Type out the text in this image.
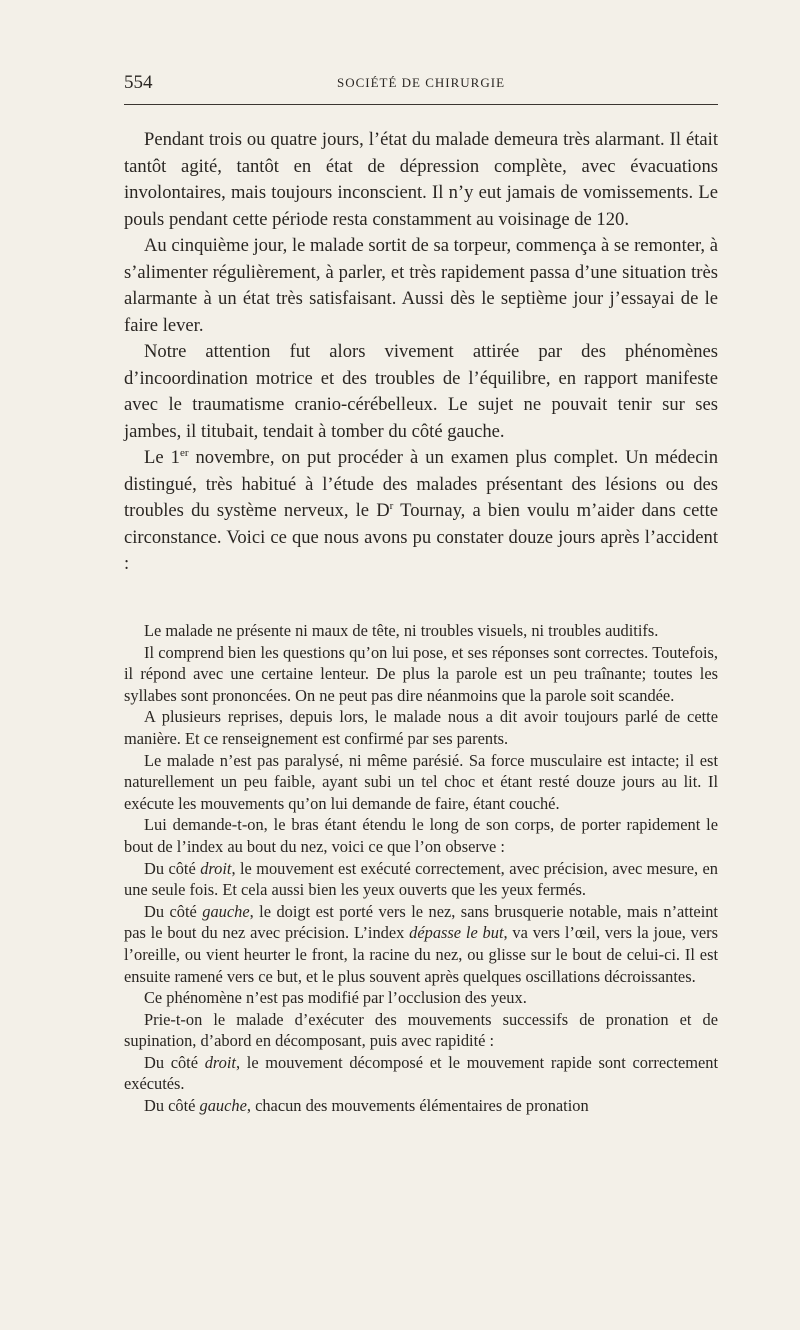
554	SOCIÉTÉ DE CHIRURGIE

Pendant trois ou quatre jours, l’état du malade demeura très alarmant. Il était tantôt agité, tantôt en état de dépression complète, avec évacuations involontaires, mais toujours inconscient. Il n’y eut jamais de vomissements. Le pouls pendant cette période resta constamment au voisinage de 120.

Au cinquième jour, le malade sortit de sa torpeur, commença à se remonter, à s’alimenter régulièrement, à parler, et très rapidement passa d’une situation très alarmante à un état très satisfaisant. Aussi dès le septième jour j’essayai de le faire lever.

Notre attention fut alors vivement attirée par des phénomènes d’incoordination motrice et des troubles de l’équilibre, en rapport manifeste avec le traumatisme cranio-cérébelleux. Le sujet ne pouvait tenir sur ses jambes, il titubait, tendait à tomber du côté gauche.

Le 1er novembre, on put procéder à un examen plus complet. Un médecin distingué, très habitué à l’étude des malades présentant des lésions ou des troubles du système nerveux, le $D^r$ Tournay, a bien voulu m’aider dans cette circonstance. Voici ce que nous avons pu constater douze jours après l’accident :

Le malade ne présente ni maux de tête, ni troubles visuels, ni troubles auditifs.

Il comprend bien les questions qu’on lui pose, et ses réponses sont correctes. Toutefois, il répond avec une certaine lenteur. De plus la parole est un peu traînante; toutes les syllabes sont prononcées. On ne peut pas dire néanmoins que la parole soit scandée.

A plusieurs reprises, depuis lors, le malade nous a dit avoir toujours parlé de cette manière. Et ce renseignement est confirmé par ses parents.

Le malade n’est pas paralysé, ni même parésié. Sa force musculaire est intacte; il est naturellement un peu faible, ayant subi un tel choc et étant resté douze jours au lit. Il exécute les mouvements qu’on lui demande de faire, étant couché.

Lui demande-t-on, le bras étant étendu le long de son corps, de porter rapidement le bout de l’index au bout du nez, voici ce que l’on observe :

Du côté droit, le mouvement est exécuté correctement, avec précision, avec mesure, en une seule fois. Et cela aussi bien les yeux ouverts que les yeux fermés.

Du côté gauche, le doigt est porté vers le nez, sans brusquerie notable, mais n’atteint pas le bout du nez avec précision. L’index dépasse le but, va vers l’œil, vers la joue, vers l’oreille, ou vient heurter le front, la racine du nez, ou glisse sur le bout de celui-ci. Il est ensuite ramené vers ce but, et le plus souvent après quelques oscillations décroissantes.

Ce phénomène n’est pas modifié par l’occlusion des yeux.

Prie-t-on le malade d’exécuter des mouvements successifs de pronation et de supination, d’abord en décomposant, puis avec rapidité :

Du côté droit, le mouvement décomposé et le mouvement rapide sont correctement exécutés.

Du côté gauche, chacun des mouvements élémentaires de pronation
